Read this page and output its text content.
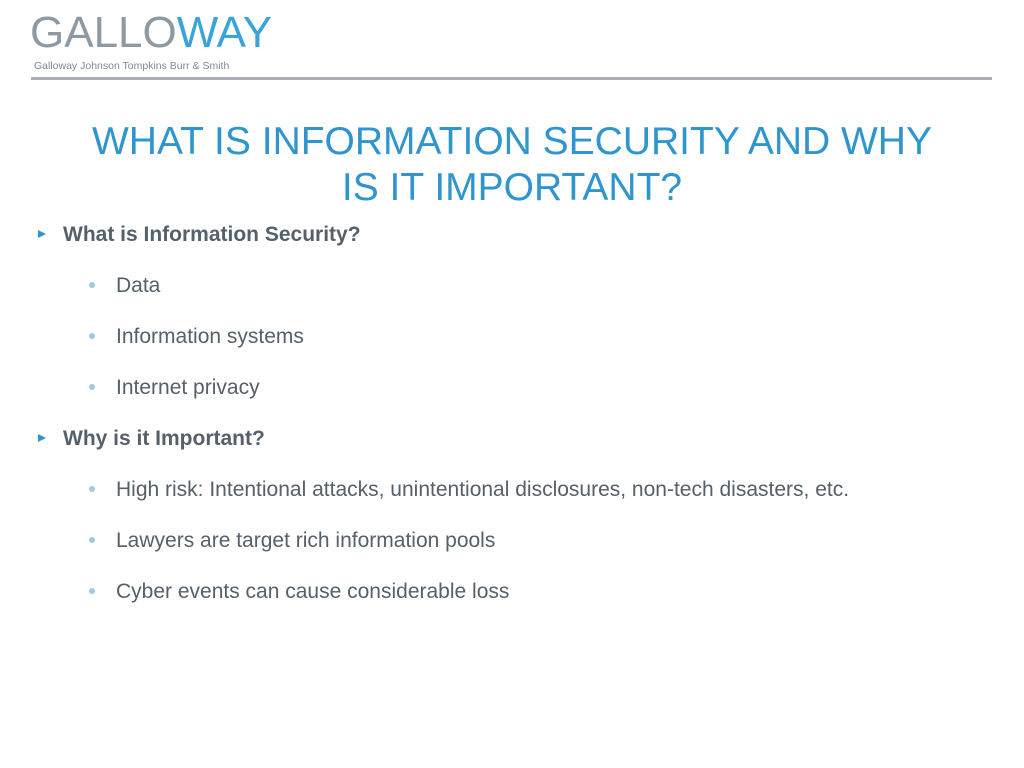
GALLOWAY
Galloway Johnson Tompkins Burr & Smith
WHAT IS INFORMATION SECURITY AND WHY
IS IT IMPORTANT?
What is Information Security?
Data
Information systems
Internet privacy
Why is it Important?
High risk: Intentional attacks, unintentional disclosures, non-tech disasters, etc.
Lawyers are target rich information pools
Cyber events can cause considerable loss
